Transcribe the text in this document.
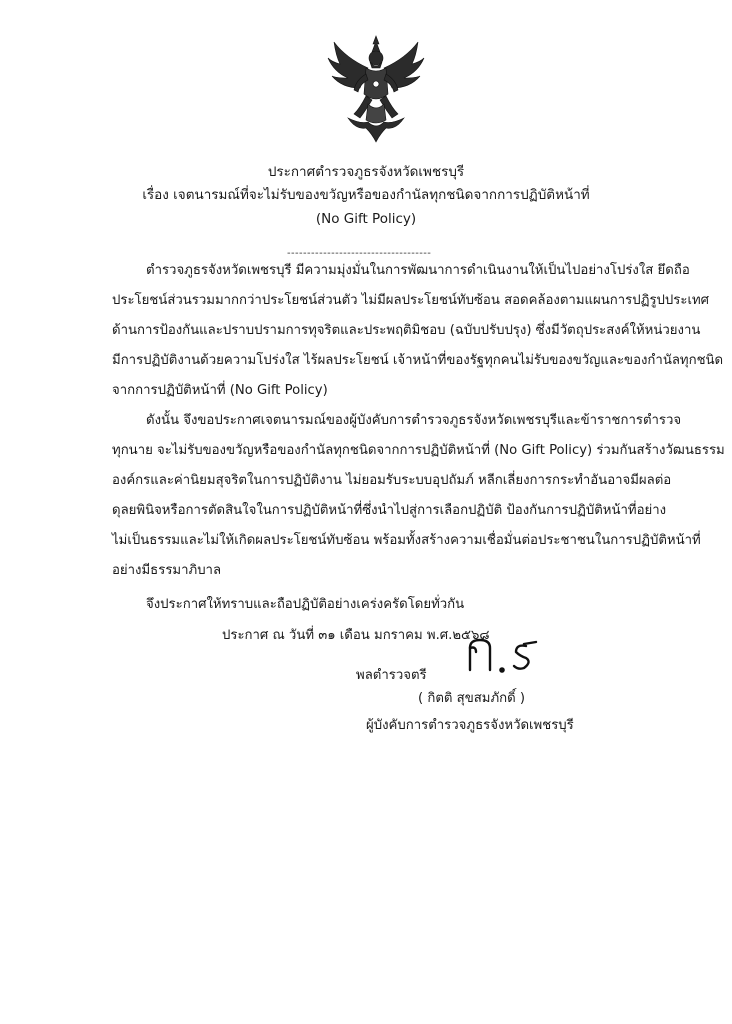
ประกาศตำรวจภูธรจังหวัดเพชรบุรี
เรื่อง เจตนารมณ์ที่จะไม่รับของขวัญหรือของกำนัลทุกชนิดจากการปฏิบัติหน้าที่
(No Gift Policy)
------------------------------------
ตำรวจภูธรจังหวัดเพชรบุรี มีความมุ่งมั่นในการพัฒนาการดำเนินงานให้เป็นไปอย่างโปร่งใส ยึดถือ
ประโยชน์ส่วนรวมมากกว่าประโยชน์ส่วนตัว ไม่มีผลประโยชน์ทับซ้อน สอดคล้องตามแผนการปฏิรูปประเทศ
ด้านการป้องกันและปราบปรามการทุจริตและประพฤติมิชอบ (ฉบับปรับปรุง) ซึ่งมีวัตถุประสงค์ให้หน่วยงาน
มีการปฏิบัติงานด้วยความโปร่งใส ไร้ผลประโยชน์ เจ้าหน้าที่ของรัฐทุกคนไม่รับของขวัญและของกำนัลทุกชนิด
จากการปฏิบัติหน้าที่ (No Gift Policy)
ดังนั้น จึงขอประกาศเจตนารมณ์ของผู้บังคับการตำรวจภูธรจังหวัดเพชรบุรีและข้าราชการตำรวจ
ทุกนาย จะไม่รับของขวัญหรือของกำนัลทุกชนิดจากการปฏิบัติหน้าที่ (No Gift Policy) ร่วมกันสร้างวัฒนธรรม
องค์กรและค่านิยมสุจริตในการปฏิบัติงาน ไม่ยอมรับระบบอุปถัมภ์ หลีกเลี่ยงการกระทำอันอาจมีผลต่อ
ดุลยพินิจหรือการตัดสินใจในการปฏิบัติหน้าที่ซึ่งนำไปสู่การเลือกปฏิบัติ ป้องกันการปฏิบัติหน้าที่อย่าง
ไม่เป็นธรรมและไม่ให้เกิดผลประโยชน์ทับซ้อน พร้อมทั้งสร้างความเชื่อมั่นต่อประชาชนในการปฏิบัติหน้าที่
อย่างมีธรรมาภิบาล
จึงประกาศให้ทราบและถือปฏิบัติอย่างเคร่งครัดโดยทั่วกัน
ประกาศ ณ วันที่ ๓๑ เดือน มกราคม พ.ศ.๒๕๖๘
พลตำรวจตรี
( กิตติ สุขสมภักดิ์ )
ผู้บังคับการตำรวจภูธรจังหวัดเพชรบุรี
